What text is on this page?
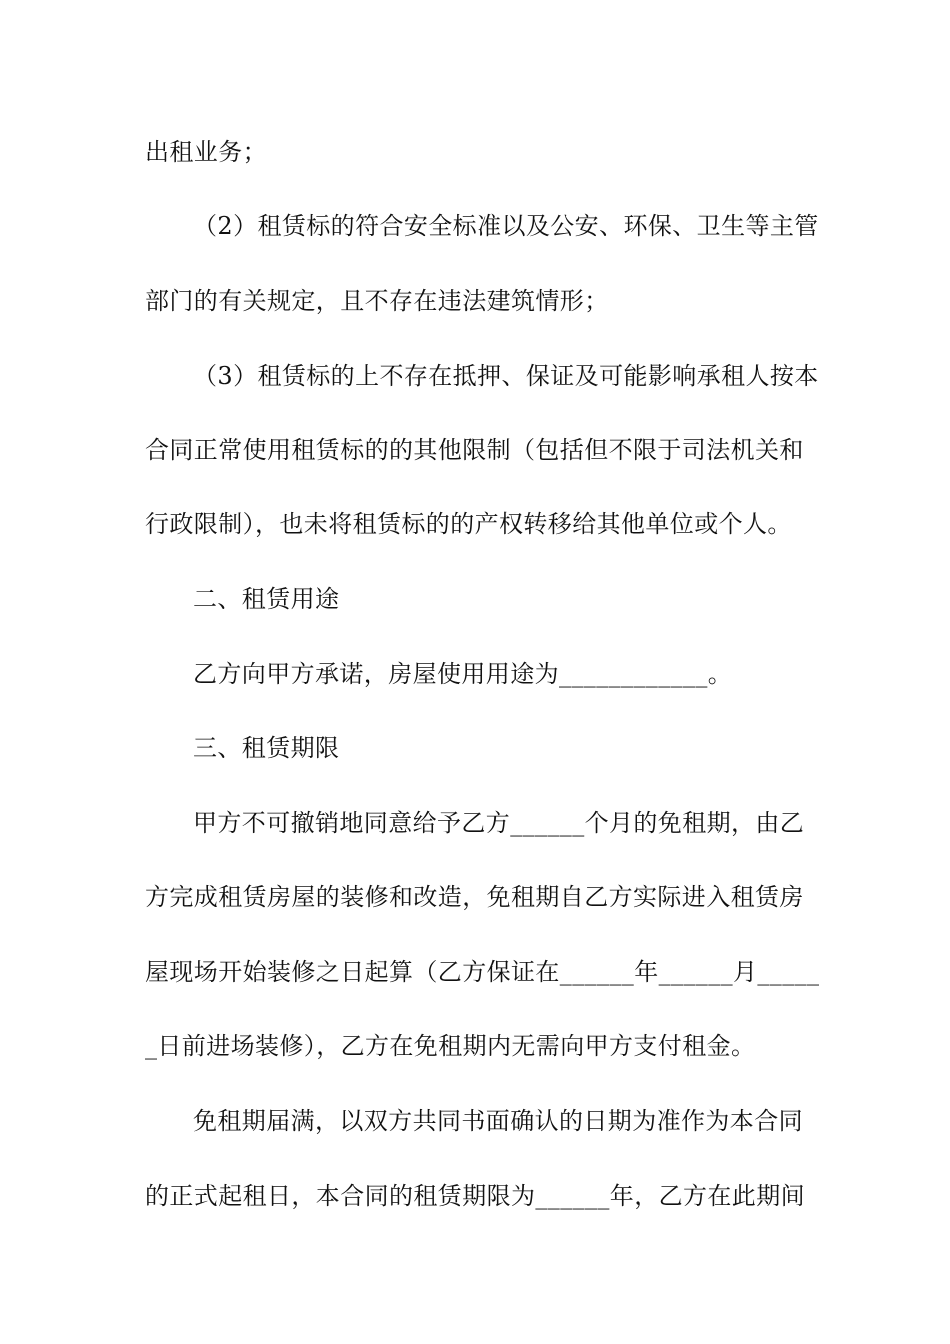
出租业务；
（2）租赁标的符合安全标准以及公安、环保、卫生等主管
部门的有关规定，且不存在违法建筑情形；
（3）租赁标的上不存在抵押、保证及可能影响承租人按本
合同正常使用租赁标的的其他限制（包括但不限于司法机关和
行政限制），也未将租赁标的的产权转移给其他单位或个人。
二、租赁用途
乙方向甲方承诺，房屋使用用途为____________。
三、租赁期限
甲方不可撤销地同意给予乙方______个月的免租期，由乙
方完成租赁房屋的装修和改造，免租期自乙方实际进入租赁房
屋现场开始装修之日起算（乙方保证在______年______月_____
_日前进场装修），乙方在免租期内无需向甲方支付租金。
免租期届满，以双方共同书面确认的日期为准作为本合同
的正式起租日，本合同的租赁期限为______年，乙方在此期间
